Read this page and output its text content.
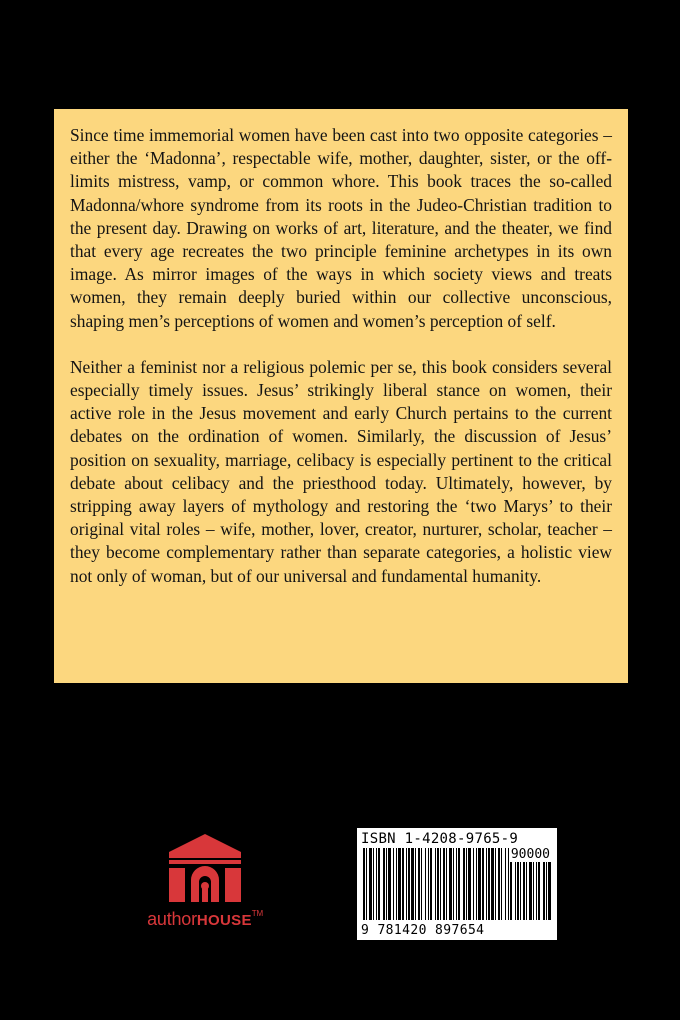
Since time immemorial women have been cast into two opposite categories – either the ‘Madonna’, respectable wife, mother, daughter, sister, or the off-limits mistress, vamp, or common whore. This book traces the so-called Madonna/whore syndrome from its roots in the Judeo-Christian tradition to the present day. Drawing on works of art, literature, and the theater, we find that every age recreates the two principle feminine archetypes in its own image. As mirror images of the ways in which society views and treats women, they remain deeply buried within our collective unconscious, shaping men’s perceptions of women and women’s perception of self.

Neither a feminist nor a religious polemic per se, this book considers several especially timely issues. Jesus’ strikingly liberal stance on women, their active role in the Jesus movement and early Church pertains to the current debates on the ordination of women. Similarly, the discussion of Jesus’ position on sexuality, marriage, celibacy is especially pertinent to the critical debate about celibacy and the priesthood today. Ultimately, however, by stripping away layers of mythology and restoring the ‘two Marys’ to their original vital roles – wife, mother, lover, creator, nurturer, scholar, teacher – they become complementary rather than separate categories, a holistic view not only of woman, but of our universal and fundamental humanity.

authorHOUSE™
ISBN 1-4208-9765-9
90000
9 781420 897654
